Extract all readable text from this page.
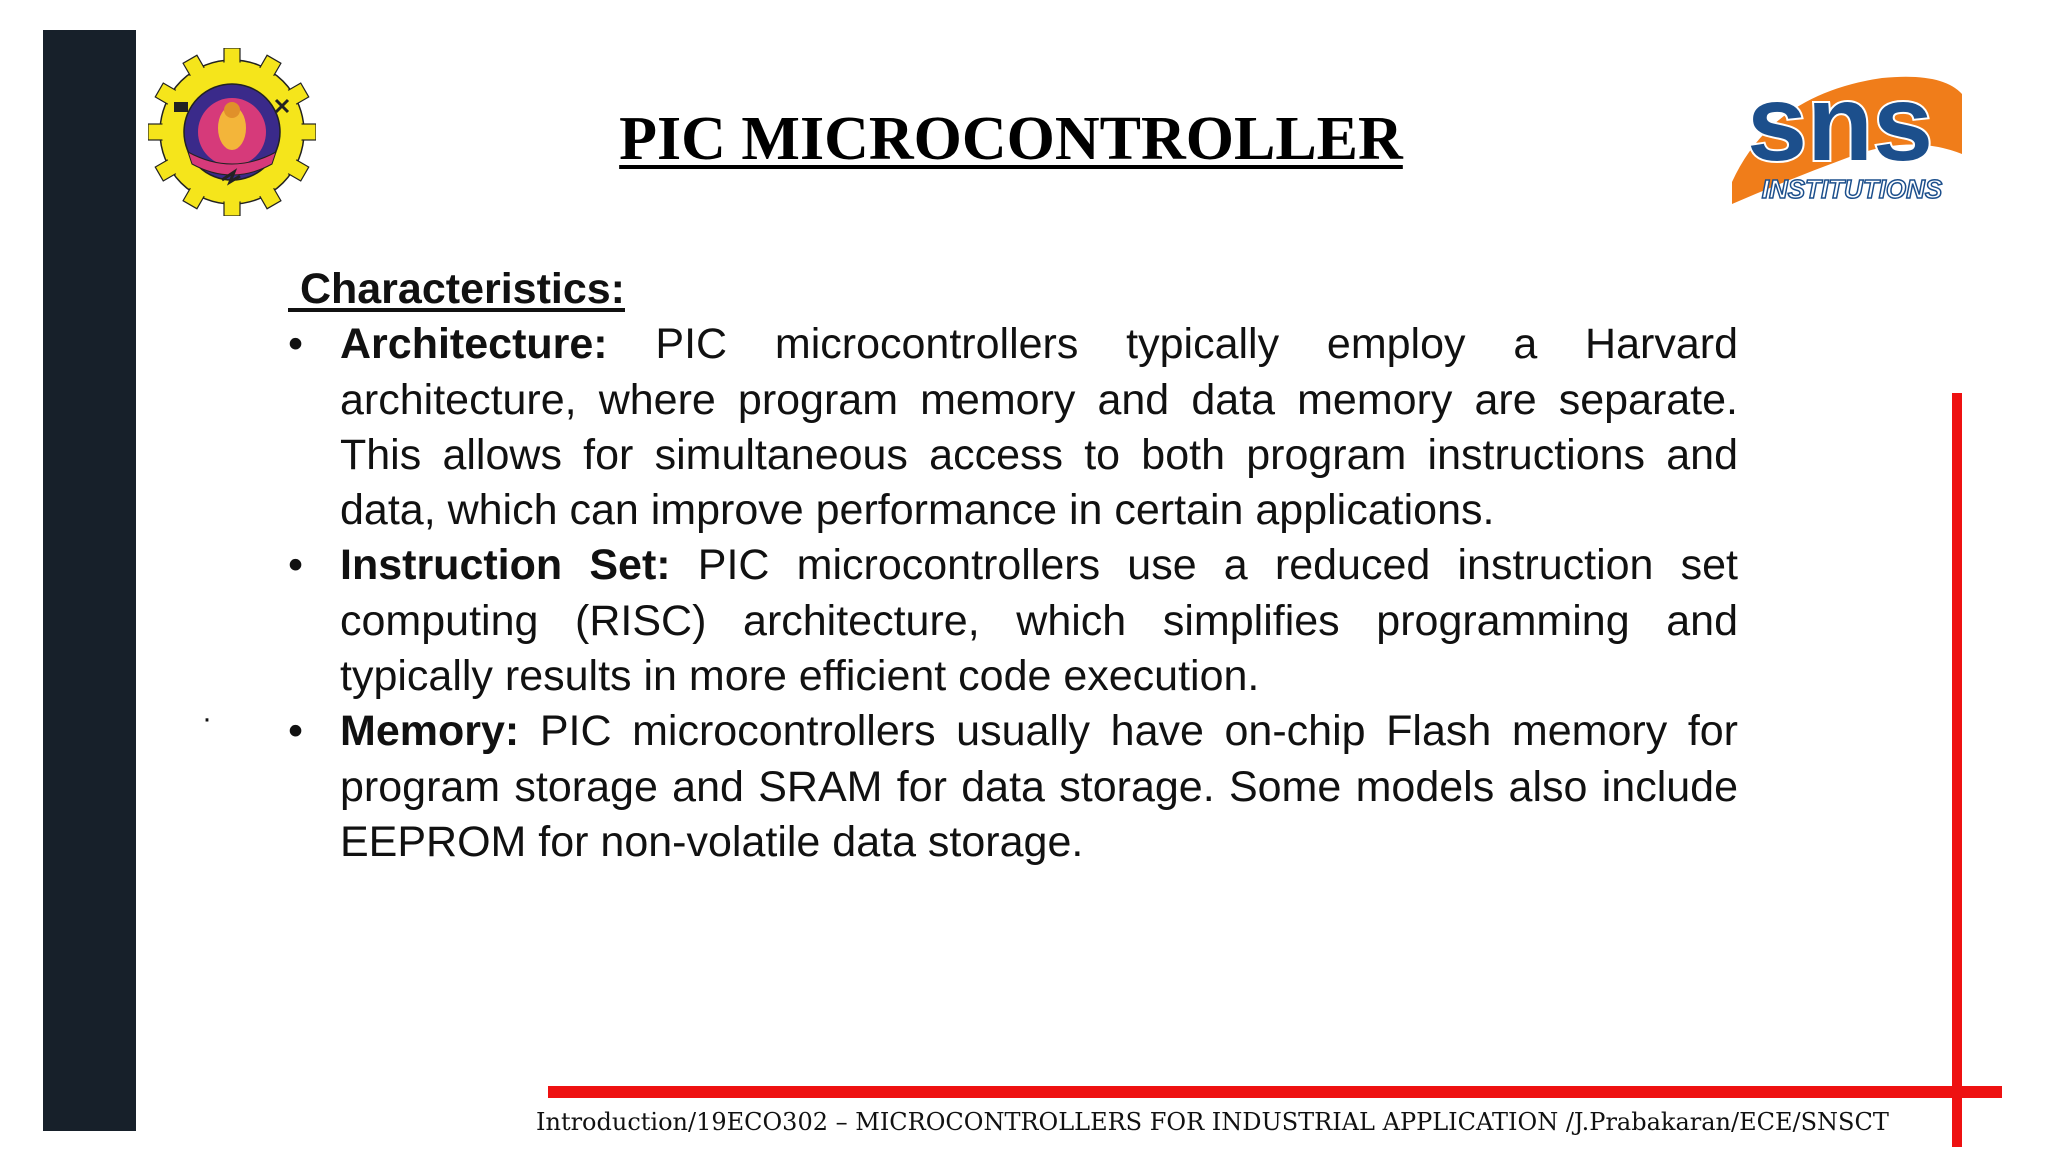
sns
INSTITUTIONS
PIC MICROCONTROLLER
Characteristics:
• Architecture: PIC microcontrollers typically employ a Harvard architecture, where program memory and data memory are separate. This allows for simultaneous access to both program instructions and data, which can improve performance in certain applications.
• Instruction Set: PIC microcontrollers use a reduced instruction set computing (RISC) architecture, which simplifies programming and typically results in more efficient code execution.
• Memory: PIC microcontrollers usually have on-chip Flash memory for program storage and SRAM for data storage. Some models also include EEPROM for non-volatile data storage.
·
Introduction/19ECO302 – MICROCONTROLLERS FOR INDUSTRIAL APPLICATION /J.Prabakaran/ECE/SNSCT
